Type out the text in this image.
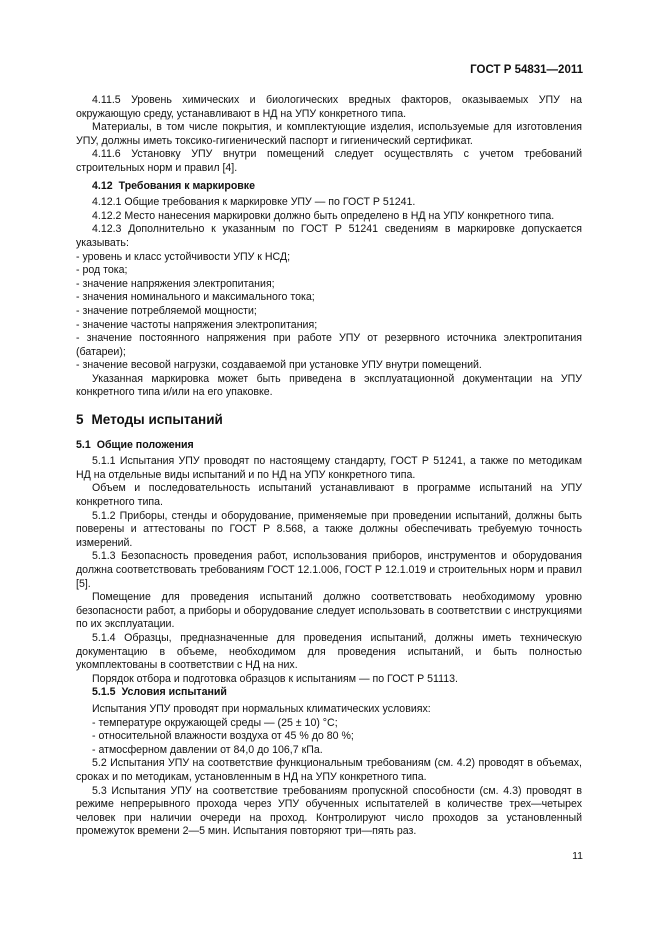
ГОСТ Р 54831—2011

4.11.5 Уровень химических и биологических вредных факторов, оказываемых УПУ на окружающую среду, устанавливают в НД на УПУ конкретного типа.

Материалы, в том числе покрытия, и комплектующие изделия, используемые для изготовления УПУ, должны иметь токсико-гигиенический паспорт и гигиенический сертификат.

4.11.6 Установку УПУ внутри помещений следует осуществлять с учетом требований строительных норм и правил [4].

4.12 Требования к маркировке

4.12.1 Общие требования к маркировке УПУ — по ГОСТ Р 51241.

4.12.2 Место нанесения маркировки должно быть определено в НД на УПУ конкретного типа.

4.12.3 Дополнительно к указанным по ГОСТ Р 51241 сведениям в маркировке допускается указывать:

- уровень и класс устойчивости УПУ к НСД;

- род тока;

- значение напряжения электропитания;

- значения номинального и максимального тока;

- значение потребляемой мощности;

- значение частоты напряжения электропитания;

- значение постоянного напряжения при работе УПУ от резервного источника электропитания (батареи);

- значение весовой нагрузки, создаваемой при установке УПУ внутри помещений.

Указанная маркировка может быть приведена в эксплуатационной документации на УПУ конкретного типа и/или на его упаковке.

5 Методы испытаний

5.1 Общие положения

5.1.1 Испытания УПУ проводят по настоящему стандарту, ГОСТ Р 51241, а также по методикам НД на отдельные виды испытаний и по НД на УПУ конкретного типа.

Объем и последовательность испытаний устанавливают в программе испытаний на УПУ конкретного типа.

5.1.2 Приборы, стенды и оборудование, применяемые при проведении испытаний, должны быть поверены и аттестованы по ГОСТ Р 8.568, а также должны обеспечивать требуемую точность измерений.

5.1.3 Безопасность проведения работ, использования приборов, инструментов и оборудования должна соответствовать требованиям ГОСТ 12.1.006, ГОСТ Р 12.1.019 и строительных норм и правил [5].

Помещение для проведения испытаний должно соответствовать необходимому уровню безопасности работ, а приборы и оборудование следует использовать в соответствии с инструкциями по их эксплуатации.

5.1.4 Образцы, предназначенные для проведения испытаний, должны иметь техническую документацию в объеме, необходимом для проведения испытаний, и быть полностью укомплектованы в соответствии с НД на них.

Порядок отбора и подготовка образцов к испытаниям — по ГОСТ Р 51113.

5.1.5 Условия испытаний

Испытания УПУ проводят при нормальных климатических условиях:

- температуре окружающей среды — (25 ± 10) °С;

- относительной влажности воздуха от 45 % до 80 %;

- атмосферном давлении от 84,0 до 106,7 кПа.

5.2 Испытания УПУ на соответствие функциональным требованиям (см. 4.2) проводят в объемах, сроках и по методикам, установленным в НД на УПУ конкретного типа.

5.3 Испытания УПУ на соответствие требованиям пропускной способности (см. 4.3) проводят в режиме непрерывного прохода через УПУ обученных испытателей в количестве трех—четырех человек при наличии очереди на проход. Контролируют число проходов за установленный промежуток времени 2—5 мин. Испытания повторяют три—пять раз.

11
